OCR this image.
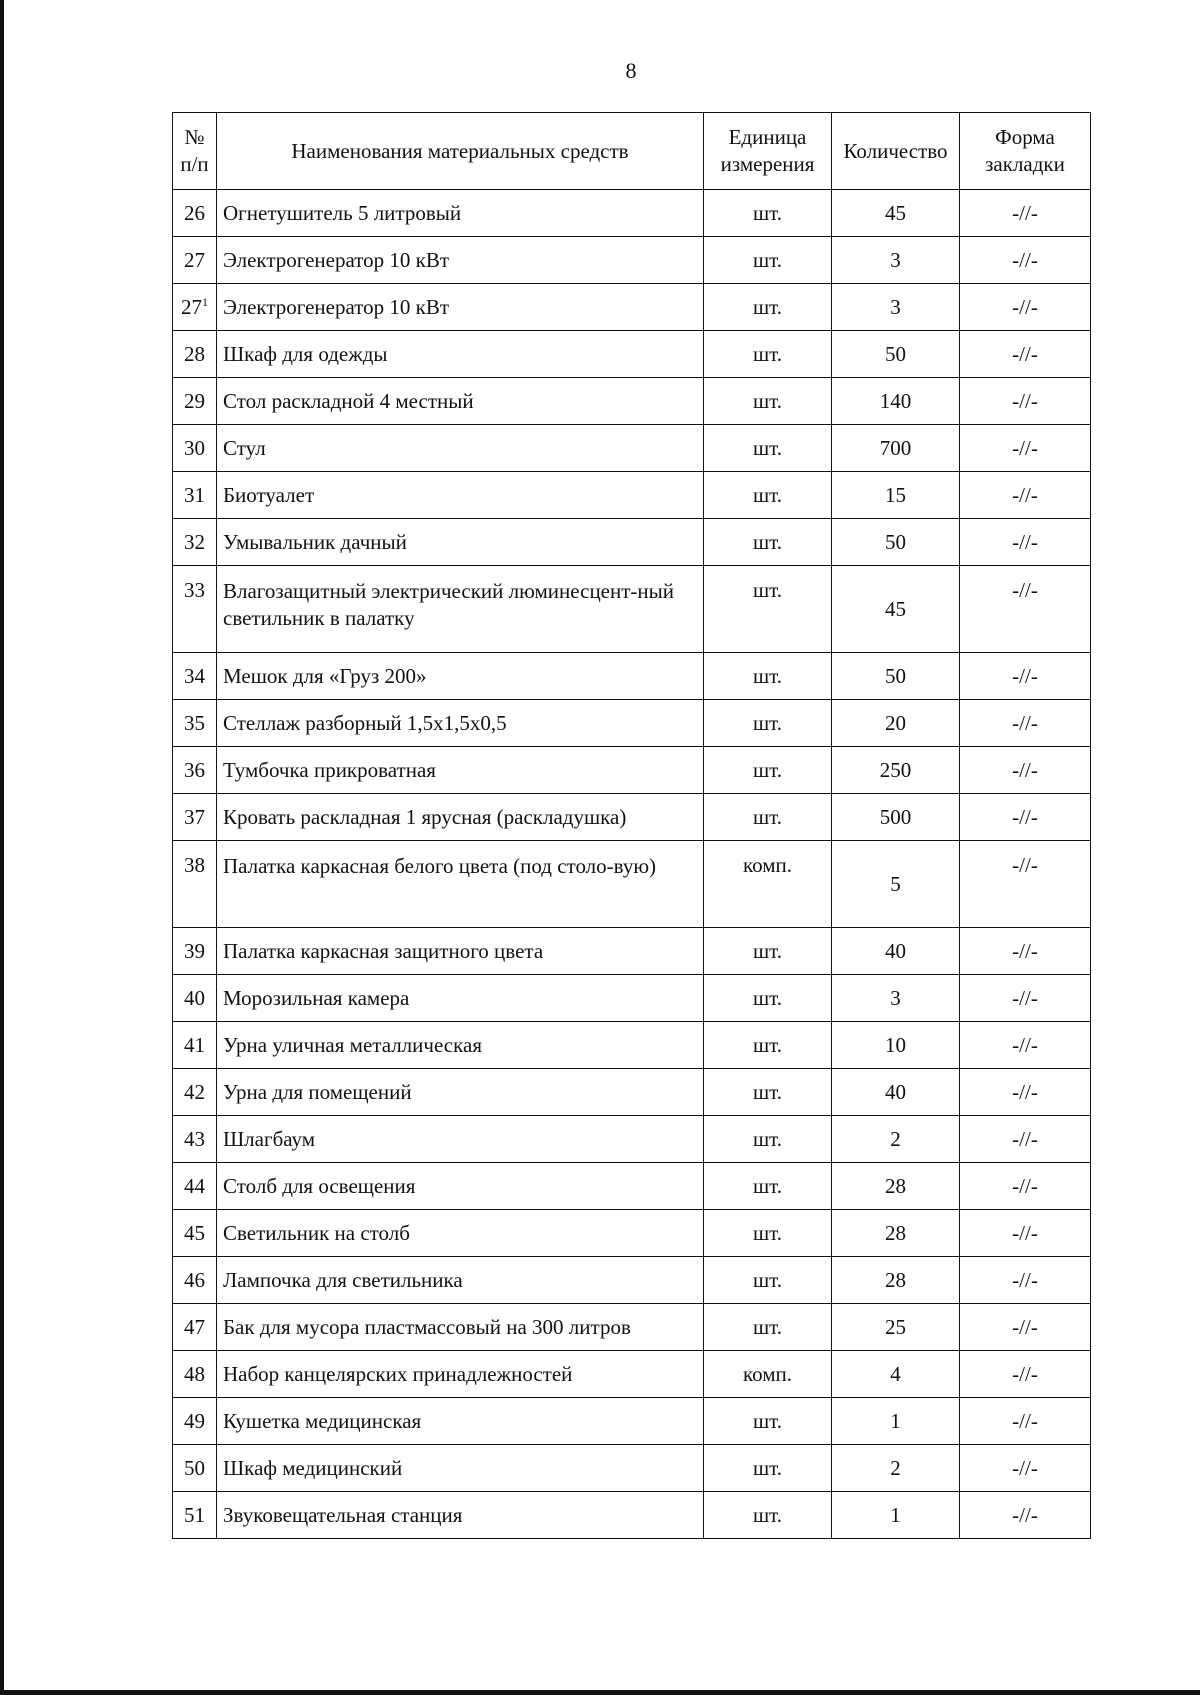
8
№ п/п	Наименования материальных средств	Единица измерения	Количество	Форма закладки
26	Огнетушитель 5 литровый	шт.	45	-//-
27	Электрогенератор 10 кВт	шт.	3	-//-
$27^1$	Электрогенератор 10 кВт	шт.	3	-//-
28	Шкаф для одежды	шт.	50	-//-
29	Стол раскладной 4 местный	шт.	140	-//-
30	Стул	шт.	700	-//-
31	Биотуалет	шт.	15	-//-
32	Умывальник дачный	шт.	50	-//-
33	Влагозащитный электрический люминесцент-ный светильник в палатку	шт.	45	-//-
34	Мешок для «Груз 200»	шт.	50	-//-
35	Стеллаж разборный 1,5х1,5х0,5	шт.	20	-//-
36	Тумбочка прикроватная	шт.	250	-//-
37	Кровать раскладная 1 ярусная (раскладушка)	шт.	500	-//-
38	Палатка каркасная белого цвета (под столо-вую)	комп.	5	-//-
39	Палатка каркасная защитного цвета	шт.	40	-//-
40	Морозильная камера	шт.	3	-//-
41	Урна уличная металлическая	шт.	10	-//-
42	Урна для помещений	шт.	40	-//-
43	Шлагбаум	шт.	2	-//-
44	Столб для освещения	шт.	28	-//-
45	Светильник на столб	шт.	28	-//-
46	Лампочка для светильника	шт.	28	-//-
47	Бак для мусора пластмассовый на 300 литров	шт.	25	-//-
48	Набор канцелярских принадлежностей	комп.	4	-//-
49	Кушетка медицинская	шт.	1	-//-
50	Шкаф медицинский	шт.	2	-//-
51	Звуковещательная станция	шт.	1	-//-
